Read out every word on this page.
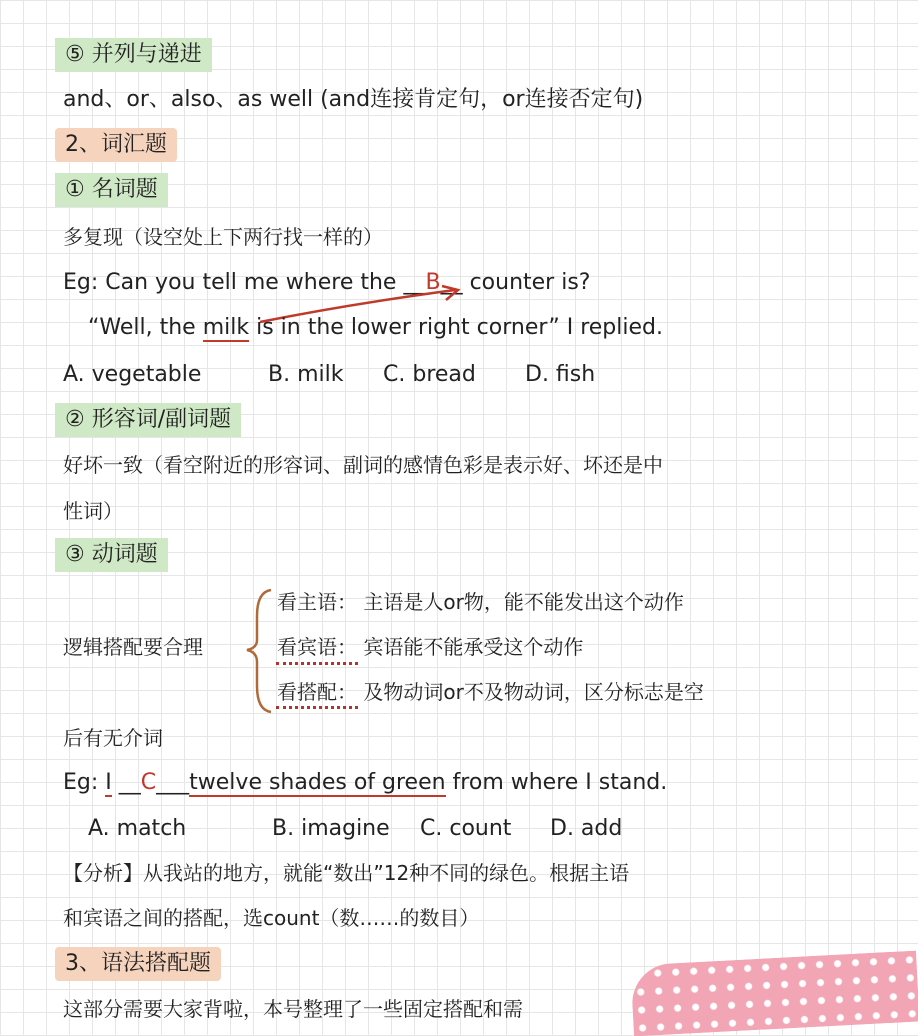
⑤ 并列与递进
and、or、also、as well (and连接肯定句，or连接否定句)
2、词汇题
① 名词题
多复现（设空处上下两行找一样的）
Eg: Can you tell me where the __B__ counter is?
“Well, the milk is in the lower right corner” I replied.
A. vegetable	B. milk C. bread D. fish
② 形容词/副词题
好坏一致（看空附近的形容词、副词的感情色彩是表示好、坏还是中
性词）
③ 动词题
逻辑搭配要合理
看主语： 主语是人or物，能不能发出这个动作
看宾语： 宾语能不能承受这个动作
看搭配： 及物动词or不及物动词，区分标志是空
后有无介词
Eg: I __C___twelve shades of green from where I stand.
A. match	B. imagine C. count D. add
【分析】从我站的地方，就能“数出”12种不同的绿色。根据主语
和宾语之间的搭配，选count（数……的数目）
3、语法搭配题
这部分需要大家背啦，本号整理了一些固定搭配和需
